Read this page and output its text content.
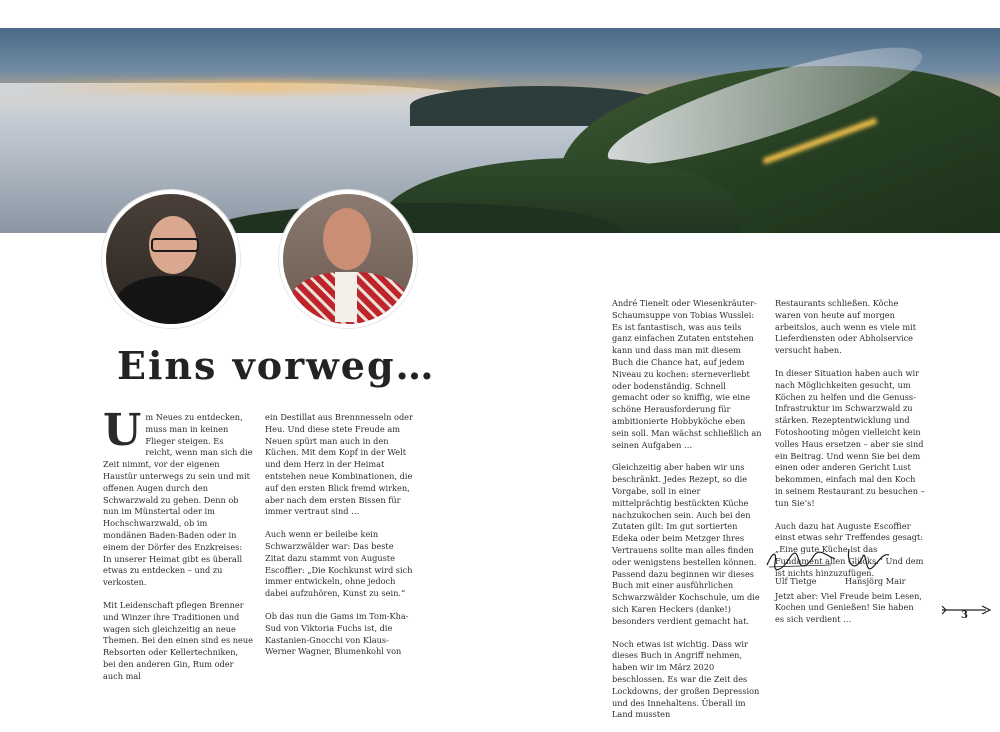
Eins vorweg…

Um Neues zu entdecken, muss man in keinen Flieger steigen. Es reicht, wenn man sich die Zeit nimmt, vor der eigenen Haustür unterwegs zu sein und mit offenen Augen durch den Schwarzwald zu gehen. Denn ob nun im Münstertal oder im Hochschwarzwald, ob im mondänen Baden-Baden oder in einem der Dörfer des Enzkreises: In unserer Heimat gibt es überall etwas zu entdecken – und zu verkosten.

Mit Leidenschaft pflegen Brenner und Winzer ihre Traditionen und wagen sich gleichzeitig an neue Themen. Bei den einen sind es neue Rebsorten oder Kellertechniken, bei den anderen Gin, Rum oder auch mal

ein Destillat aus Brennnesseln oder Heu. Und diese stete Freude am Neuen spürt man auch in den Küchen. Mit dem Kopf in der Welt und dem Herz in der Heimat entstehen neue Kombinationen, die auf den ersten Blick fremd wirken, aber nach dem ersten Bissen für immer vertraut sind …

Auch wenn er beileibe kein Schwarzwälder war: Das beste Zitat dazu stammt von Auguste Escoffier: „Die Kochkunst wird sich immer entwickeln, ohne jedoch dabei aufzuhören, Kunst zu sein.“

Ob das nun die Gams im Tom-Kha-Sud von Viktoria Fuchs ist, die Kastanien-Gnocchi von Klaus-Werner Wagner, Blumenkohl von

André Tienelt oder Wiesenkräuter-Schaumsuppe von Tobias Wusslei: Es ist fantastisch, was aus teils ganz einfachen Zutaten entstehen kann und dass man mit diesem Buch die Chance hat, auf jedem Niveau zu kochen: sterneverliebt oder bodenständig. Schnell gemacht oder so kniffig, wie eine schöne Herausforderung für ambitionierte Hobbyköche eben sein soll. Man wächst schließlich an seinen Aufgaben …

Gleichzeitig aber haben wir uns beschränkt. Jedes Rezept, so die Vorgabe, soll in einer mittelprächtig bestückten Küche nachzukochen sein. Auch bei den Zutaten gilt: Im gut sortierten Edeka oder beim Metzger Ihres Vertrauens sollte man alles finden oder wenigstens bestellen können. Passend dazu beginnen wir dieses Buch mit einer ausführlichen Schwarzwälder Kochschule, um die sich Karen Heckers (danke!) besonders verdient gemacht hat.

Noch etwas ist wichtig. Dass wir dieses Buch in Angriff nehmen, haben wir im März 2020 beschlossen. Es war die Zeit des Lockdowns, der großen Depression und des Innehaltens. Überall im Land mussten

Restaurants schließen. Köche waren von heute auf morgen arbeitslos, auch wenn es viele mit Lieferdiensten oder Abholservice versucht haben.

In dieser Situation haben auch wir nach Möglichkeiten gesucht, um Köchen zu helfen und die Genuss-Infrastruktur im Schwarzwald zu stärken. Rezeptentwicklung und Fotoshooting mögen vielleicht kein volles Haus ersetzen – aber sie sind ein Beitrag. Und wenn Sie bei dem einen oder anderen Gericht Lust bekommen, einfach mal den Koch in seinem Restaurant zu besuchen – tun Sie’s!

Auch dazu hat Auguste Escoffier einst etwas sehr Treffendes gesagt: „Eine gute Küche ist das Fundament allen Glücks.“ Und dem ist nichts hinzuzufügen.

Jetzt aber: Viel Freude beim Lesen, Kochen und Genießen! Sie haben es sich verdient …

Ulf Tietge	Hansjörg Mair
3
